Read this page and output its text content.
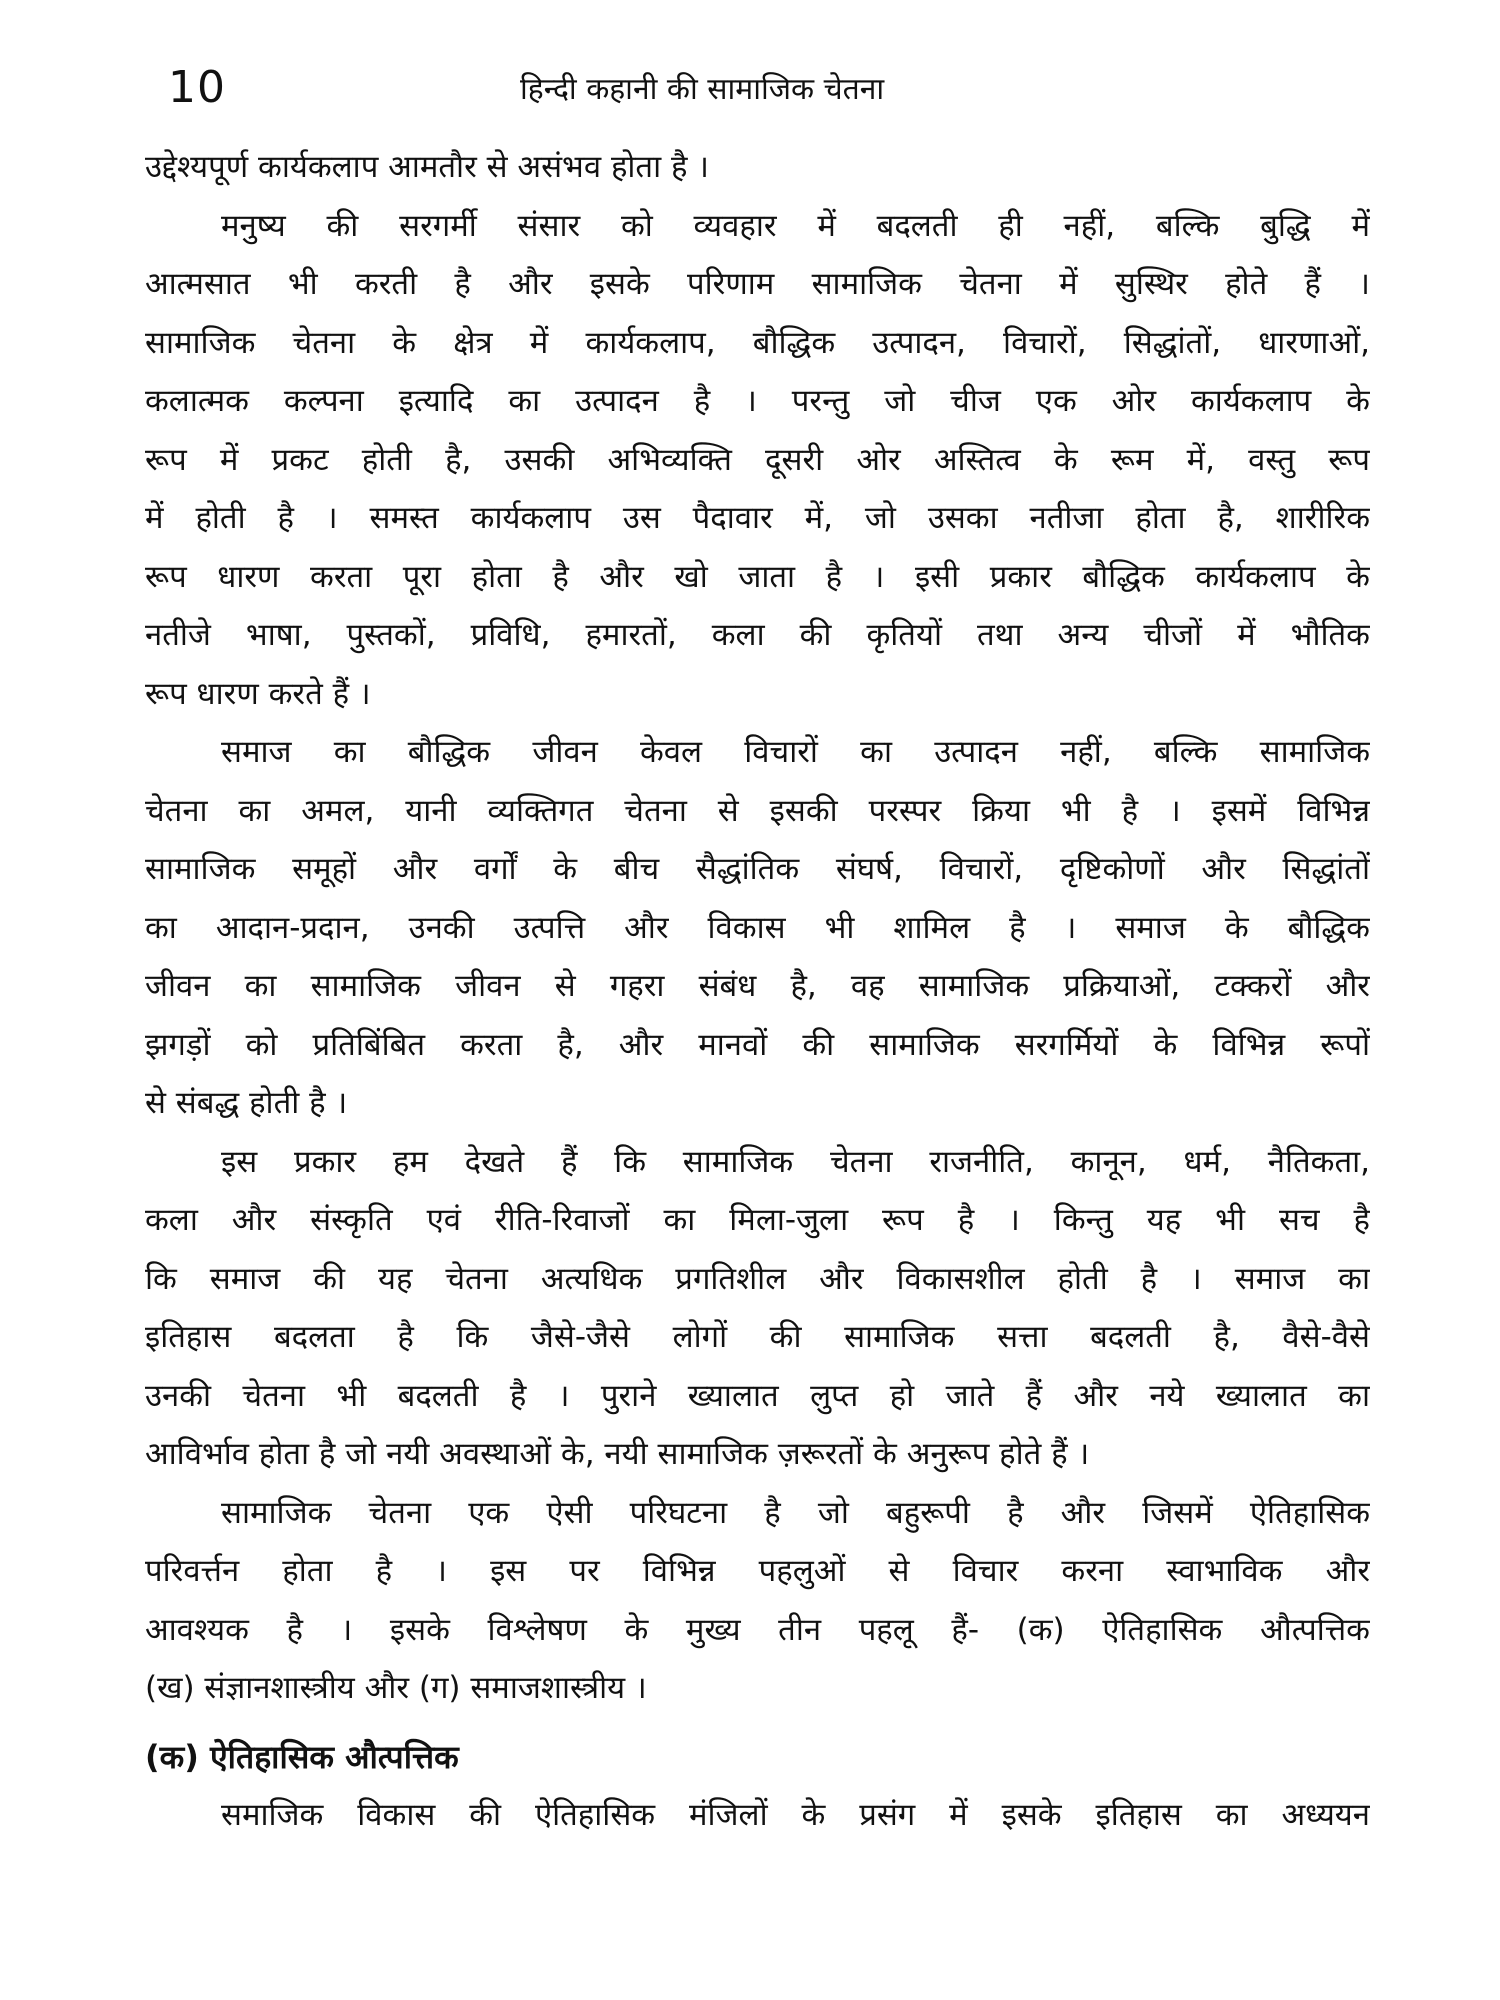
10	हिन्दी कहानी की सामाजिक चेतना
उद्देश्यपूर्ण कार्यकलाप आमतौर से असंभव होता है ।
मनुष्य की सरगर्मी संसार को व्यवहार में बदलती ही नहीं, बल्कि बुद्धि में
आत्मसात भी करती है और इसके परिणाम सामाजिक चेतना में सुस्थिर होते हैं ।
सामाजिक चेतना के क्षेत्र में कार्यकलाप, बौद्धिक उत्पादन, विचारों, सिद्धांतों, धारणाओं,
कलात्मक कल्पना इत्यादि का उत्पादन है । परन्तु जो चीज एक ओर कार्यकलाप के
रूप में प्रकट होती है, उसकी अभिव्यक्ति दूसरी ओर अस्तित्व के रूम में, वस्तु रूप
में होती है । समस्त कार्यकलाप उस पैदावार में, जो उसका नतीजा होता है, शारीरिक
रूप धारण करता पूरा होता है और खो जाता है । इसी प्रकार बौद्धिक कार्यकलाप के
नतीजे भाषा, पुस्तकों, प्रविधि, हमारतों, कला की कृतियों तथा अन्य चीजों में भौतिक
रूप धारण करते हैं ।
समाज का बौद्धिक जीवन केवल विचारों का उत्पादन नहीं, बल्कि सामाजिक
चेतना का अमल, यानी व्यक्तिगत चेतना से इसकी परस्पर क्रिया भी है । इसमें विभिन्न
सामाजिक समूहों और वर्गों के बीच सैद्धांतिक संघर्ष, विचारों, दृष्टिकोणों और सिद्धांतों
का आदान-प्रदान, उनकी उत्पत्ति और विकास भी शामिल है । समाज के बौद्धिक
जीवन का सामाजिक जीवन से गहरा संबंध है, वह सामाजिक प्रक्रियाओं, टक्करों और
झगड़ों को प्रतिबिंबित करता है, और मानवों की सामाजिक सरगर्मियों के विभिन्न रूपों
से संबद्ध होती है ।
इस प्रकार हम देखते हैं कि सामाजिक चेतना राजनीति, कानून, धर्म, नैतिकता,
कला और संस्कृति एवं रीति-रिवाजों का मिला-जुला रूप है । किन्तु यह भी सच है
कि समाज की यह चेतना अत्यधिक प्रगतिशील और विकासशील होती है । समाज का
इतिहास बदलता है कि जैसे-जैसे लोगों की सामाजिक सत्ता बदलती है, वैसे-वैसे
उनकी चेतना भी बदलती है । पुराने ख्यालात लुप्त हो जाते हैं और नये ख्यालात का
आविर्भाव होता है जो नयी अवस्थाओं के, नयी सामाजिक ज़रूरतों के अनुरूप होते हैं ।
सामाजिक चेतना एक ऐसी परिघटना है जो बहुरूपी है और जिसमें ऐतिहासिक
परिवर्त्तन होता है । इस पर विभिन्न पहलुओं से विचार करना स्वाभाविक और
आवश्यक है । इसके विश्लेषण के मुख्य तीन पहलू हैं- (क) ऐतिहासिक औत्पत्तिक
(ख) संज्ञानशास्त्रीय और (ग) समाजशास्त्रीय ।
(क) ऐतिहासिक औत्पत्तिक
समाजिक विकास की ऐतिहासिक मंजिलों के प्रसंग में इसके इतिहास का अध्ययन
